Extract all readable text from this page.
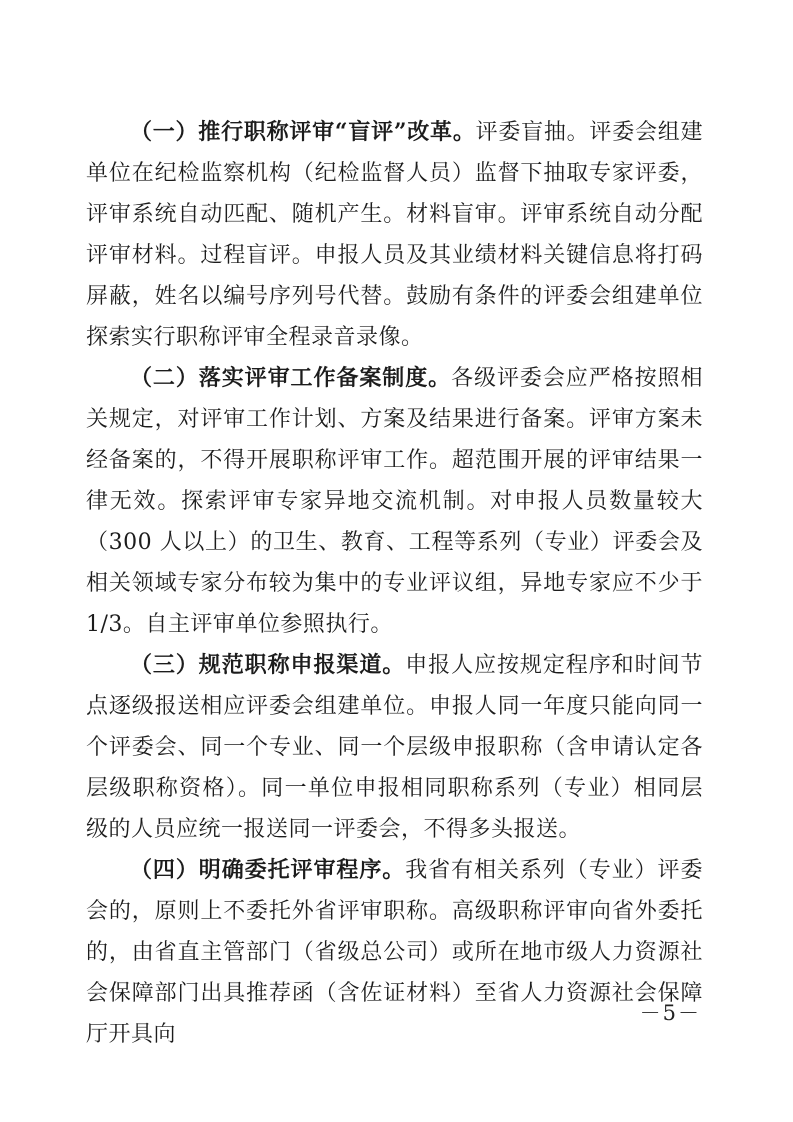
（一）推行职称评审“盲评”改革。评委盲抽。评委会组建单位在纪检监察机构（纪检监督人员）监督下抽取专家评委，评审系统自动匹配、随机产生。材料盲审。评审系统自动分配评审材料。过程盲评。申报人员及其业绩材料关键信息将打码屏蔽，姓名以编号序列号代替。鼓励有条件的评委会组建单位探索实行职称评审全程录音录像。

（二）落实评审工作备案制度。各级评委会应严格按照相关规定，对评审工作计划、方案及结果进行备案。评审方案未经备案的，不得开展职称评审工作。超范围开展的评审结果一律无效。探索评审专家异地交流机制。对申报人员数量较大（300 人以上）的卫生、教育、工程等系列（专业）评委会及相关领域专家分布较为集中的专业评议组，异地专家应不少于1/3。自主评审单位参照执行。

（三）规范职称申报渠道。申报人应按规定程序和时间节点逐级报送相应评委会组建单位。申报人同一年度只能向同一个评委会、同一个专业、同一个层级申报职称（含申请认定各层级职称资格）。同一单位申报相同职称系列（专业）相同层级的人员应统一报送同一评委会，不得多头报送。

（四）明确委托评审程序。我省有相关系列（专业）评委会的，原则上不委托外省评审职称。高级职称评审向省外委托的，由省直主管部门（省级总公司）或所在地市级人力资源社会保障部门出具推荐函（含佐证材料）至省人力资源社会保障厅开具向

－5－
